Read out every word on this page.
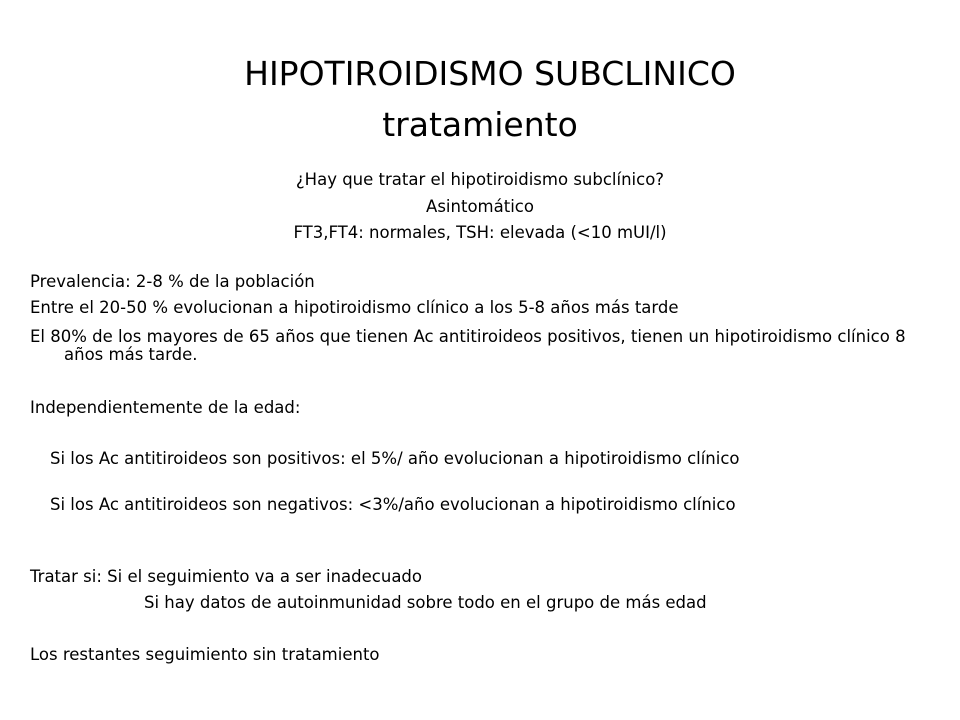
HIPOTIROIDISMO SUBCLINICO
tratamiento
¿Hay que tratar el hipotiroidismo subclínico?
Asintomático
FT3,FT4: normales, TSH: elevada (<10 mUI/l)
Prevalencia: 2-8 % de la población
Entre el 20-50 % evolucionan a hipotiroidismo clínico a los 5-8 años más tarde
El 80% de los mayores de 65 años que tienen Ac antitiroideos positivos, tienen un hipotiroidismo clínico 8 años más tarde.
Independientemente de la edad:
Si los Ac antitiroideos son positivos: el 5%/ año evolucionan a hipotiroidismo clínico
Si los Ac antitiroideos son negativos: <3%/año evolucionan a hipotiroidismo clínico
Tratar si: Si el seguimiento va a ser inadecuado
Si hay datos de autoinmunidad sobre todo en el grupo de más edad
Los restantes seguimiento sin tratamiento
